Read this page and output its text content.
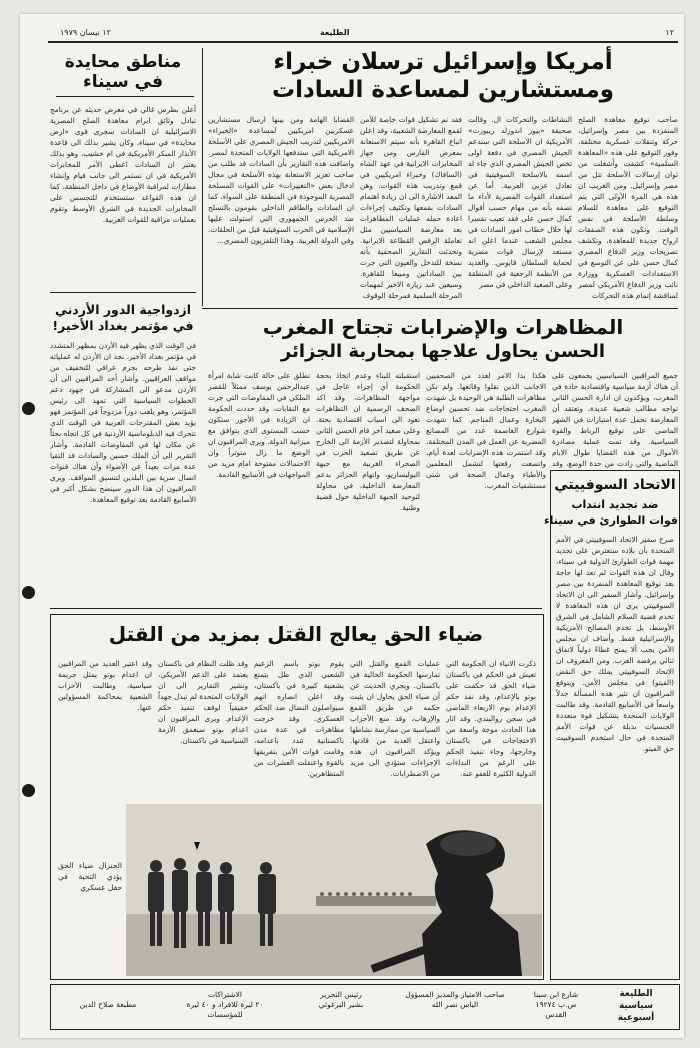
١٢
الطليعة
١٢ نيسان ١٩٧٩
أمريكا وإسرائيل ترسلان خبراء
ومستشارين لمساعدة السادات
صاحب توقيع معاهدة الصلح المنفردة بين مصر وإسرائيل، حركة وتنقلات عسكرية مختلفة، وفور التوقيع على هذه «المعاهدة السلمية» كشفت وأشغلت من ثوان إرسالات الأسلحة تتل من مصر وإسرائيل. ومن الغريب ان هذه هي المرة الأولى التي يتم التوقيع على معاهدة للسلام وسلطة الأسلحة في نفس الوقت. وتكون هذه الصفقات ارواح جديدة للمعاهدة، وتكشف تصريحات وزير الدفاع المصري كمال حسن على عن التوسع في الاستعدادات العسكرية ووزارة نائب وزير الدفاع الأمريكي لمصر لمناقشة إتمام هذه التحركات
النشاطات والتحركات ال. وقالت صحيفة «بيوز اندوزلد ريبورت» الأمريكية ان الاسلحة التي ستدعم الجيش المصري في دفعة اولى تخص الجيش المصري الذي جاء له اسمه بالاسلحة السوفيتية في تعادل عربي العربية. أما عن استعداد القوات المصرية لأداء ما تصفه بأنه من مهام حسب أقوال كمال حسن على فقد تعيب نقسرا لها خلال خطاب امور السادات في مجلس الشعب عندما اعلن انه مستعد لإرسال قوات مصرية لحماية السلطان قابوس. والعديد من الأنظمة الرجعية في المنطقة وعلى الصعيد الداخلي في مصر
فقد تم تشكيل قوات خاصة للأمن لقمع المعارضة الشعبية، وقد اعلن اتباع القاهرة بأنه سيتم الاستعانة بمعرض الفارس ومن جهاز المخابرات الايرانية في عهد الشاه (السافاك) وخبراء امريكيين في قمع وتدريب هذه القوات. وهن المعد الاشارة الى ان زيادة اهتمام السادات بقمعها وتكثيف إجراءات اعادة حمله عمليات المظاهرات بعد معارضة السياسيين مثل تعاملة الرقص القطاعة الايرانية. وتحدثت التقارير الصحفية بأنه نسخة للتدخل والعيون التي جرت بين الساداتين ومبيعا للقاهرة. وسيعين عند زيارة الاخير لمهمات المرحلة السلمية فمرحلة الوقوف
القضايا الهامة ومن بينها ارسال مستشارين عسكريين امريكيين لمساعدة «الخبراء» الامريكيين لتدريب الجيش المصري على الأسلحة الامريكية التي ستدفعها الولايات المتحدة لمصر. واضافت هذه التقارير بأن السادات قد طلب من صاحب تعزيز الاستعانة بهذه الأسلحة في مجال ادخال بعض «التغييرات» على القوات المسلحة المصرية الموجودة في المنطقة على السواء، كما ان السادات والطاقم الداخلي يقومون بالتسلح ضد الحرس الجمهوري التي استولت عليها الإسلامية في الحرب السوفيتية قبل من الحلقات. وفي الدولة الغربية. وهذا التلفزيون المصري...
مناطق محايدة
في سيناء
أعلن بطرس غالي في معرض حديثه عن برنامج تبادل وثائق ابرام معاهدة الصلح المصرية الاسرائيلية ان السادات سجرى قوى «ارض محايدة» في سيناء، وكان يشير بذلك الى قاعدة الأنذار المبكر الأمريكية في ام خشيب، وهو بذلك يعتبر ان السادات اعطى الأمر للمخابرات الأمريكية في ان تستمر الى جانب قيام وإنشاء مطارات لمراقبة الأوضاع في داخل المنطقة، كما ان هذه القواعد ستستخدم للتجسس على المخابرات الجديدة في الشرق الأوسط وتقوم بعمليات مراقبة للقوات العربية.
ازدواجية الدور الأردني
في مؤتمر بغداد الأخير!
في الوقت الذي يظهر فيه الأردن بمظهر المتشدد في مؤتمر بغداد الأخير، نجد ان الأردن له عملياته حتى نفذ طرحه بجزم عراقي للتخفيف من مواقف العراقيين. وأشار أحد المراقبين الى أن الأردن مدعو الى المشاركة في جهود دعم الخطوات السياسية التي تمهد الى رئيس المؤتمر، وهو يلعب دوراً مزدوجاً في المؤتمر فهو يؤيد بعض المقترحات العربية في الوقت الذي تتحرك فيه الدبلوماسية الأردنية في كل اتجاه بحثاً عن مكان لها في المفاوضات القادمة. وأشار التقرير الى أن الملك حسين والسادات قد التقيا عدة مرات بعيداً عن الأضواء وأن هناك قنوات اتصال سرية بين البلدين لتنسيق المواقف. ويرى المراقبون ان هذا الدور سيتضح بشكل أكبر في الأسابيع القادمة بعد توقيع المعاهدة.
المظاهرات والإضرابات تجتاح المغرب
الحسن يحاول علاجها بمحاربة الجزائر
جميع المراقبين السياسيين يجمعون على أن هناك أزمة سياسية واقتصادية حادة في المغرب، ويؤكدون ان ادارة الحسن الثاني تواجه مطالب شعبية عديدة، وتعتقد أن المعارضة تحمل عدة امتيازات في الشهر الماضي على توقيع الرباط والقوة السياسية. وقد تمت عملية مصادرة الأموال من هذه القضايا طوال الايام الماضية والتي زادت من حدة الوضع، وقد
هكذا بدا الامر لعدد من الصحفيين الاجانب الذين نقلوا وقائعها. ولم تكن مظاهرات الطلبة هي الوحيدة بل شهدت المغرب احتجاجات ضد تحسين اوضاع البحارة وعمال المناجم. كما شهدت شوارع العاصمة عدد من المصانع المضربة عن العمل في المدن المختلفة، وقد استمرت هذه الإضرابات لعدة أيام، واتسعت رقعتها لتشمل المعلمين والأطباء وعمال الصحة في شتى مستشفيات المغرب.
استقبلته للبناء وعدم اتخاذ بحجة الحكومة أي إجراء عاجل في مواجهة المظاهرات، وقد اكد الصحف الرسمية ان التظاهرات تعود الى اسباب اقتصادية بحتة. وعلى صعيد آخر قام الحسن الثاني بمحاولة لتصدير الأزمة الى الخارج عن طريق تصعيد الحرب في الصحراء الغربية مع جبهة البوليساريو، واتهام الجزائر بدعم المعارضة الداخلية، في محاولة لتوحيد الجبهة الداخلية حول قضية وطنية.
تطلق على حالة كانت شابة امرأة عبدالرحمن يوسف ممثلاً للقصر الملكي في المفاوضات التي جرت مع النقابات، وقد حددت الحكومة ان الزيادة في الأجور ستكون حسب المستوى الذي يتوافق مع ميزانية الدولة. ويرى المراقبون ان الوضع ما زال متوتراً وان الاحتمالات مفتوحة امام مزيد من المواجهات في الأسابيع القادمة.
الاتحاد السوفييتي
ضد تجديد انتداب
قوات الطوارئ في سيناء
صرح سفير الاتحاد السوفييتي في الأمم المتحدة بأن بلاده ستعترض على تجديد مهمة قوات الطوارئ الدولية في سيناء، وقال ان هذه القوات لم تعد لها حاجة بعد توقيع المعاهدة المنفردة بين مصر وإسرائيل. وأشار السفير الى ان الاتحاد السوفييتي يرى ان هذه المعاهدة لا تخدم قضية السلام الشامل في الشرق الأوسط، بل تخدم المصالح الأمريكية والإسرائيلية فقط. وأضاف ان مجلس الأمن يجب ألا يمنح غطاءً دولياً لاتفاق ثنائي يرفضه العرب. ومن المعروف ان الاتحاد السوفييتي يملك حق النقض (الفيتو) في مجلس الأمن. ويتوقع المراقبون ان تثير هذه المسألة جدلاً واسعاً في الأسابيع القادمة. وقد طالبت الولايات المتحدة بتشكيل قوة متعددة الجنسيات بديلة عن قوات الأمم المتحدة في حال استخدم السوفييت حق الفيتو.
ضياء الحق يعالج القتل بمزيد من القتل
ذكرت الانباء ان الحكومة التي تعيش في الحكم في باكستان ضياء الحق قد حكمت على بوتو بالإعدام، وقد نفذ حكم الإعدام يوم الاربعاء الماضي في سجن روالبندي. وقد اثار هذا الحادث موجة واسعة من الاحتجاجات في باكستان وخارجها، وجاء تنفيذ الحكم على الرغم من النداءات الدولية الكثيرة للعفو عنه.
عمليات القمع والقتل التي تمارسها الحكومة الحالية في باكستان. ويجري الحديث عن أن ضياء الحق يحاول ان يثبت حكمه عن طريق القمع والإرهاب، وقد منع الأحزاب السياسية من ممارسة نشاطها واعتقل العديد من قادتها. ويؤكد المراقبون ان هذه الإجراءات ستؤدي الى مزيد من الاضطرابات.
يقوم بوتو باسم الزعيم الشعبي الذي ظل يتمتع بشعبية كبيرة في باكستان، وقد اعلن انصاره انهم سيواصلون النضال ضد الحكم العسكري. وقد خرجت مظاهرات في عدة مدن باكستانية تندد باعدامه، وقامت قوات الأمن بتفريقها بالقوة واعتقلت العشرات من المتظاهرين.
وقد ظلت النظام في باكستان يعتمد على الدعم الأمريكي، وتشير التقارير الى ان الولايات المتحدة لم تبذل جهداً حقيقياً لوقف تنفيذ حكم الإعدام. ويرى المراقبون ان اعدام بوتو سيعمق الأزمة السياسية في باكستان.
وقد اعتبر العديد من المراقبين ان اعدام بوتو يمثل جريمة سياسية، وطالبت الأحزاب الشعبية بمحاكمة المسؤولين عنها.
الجنرال ضياء الحق يؤدي التحية في حفل عسكري
الطليعة
سياسية
أسبوعية
شارع ابن سينا
ص.ب ١٩٢٧٤
القدس
صاحب الامتياز والمدير المسؤول
الياس نصر الله
رئيس التحرير
بشير البرغوثي
الاشتراكات
٢٠ ليرة للافراد و ٤٠ ليرة
للمؤسسات
مطبعة صلاح الدين
